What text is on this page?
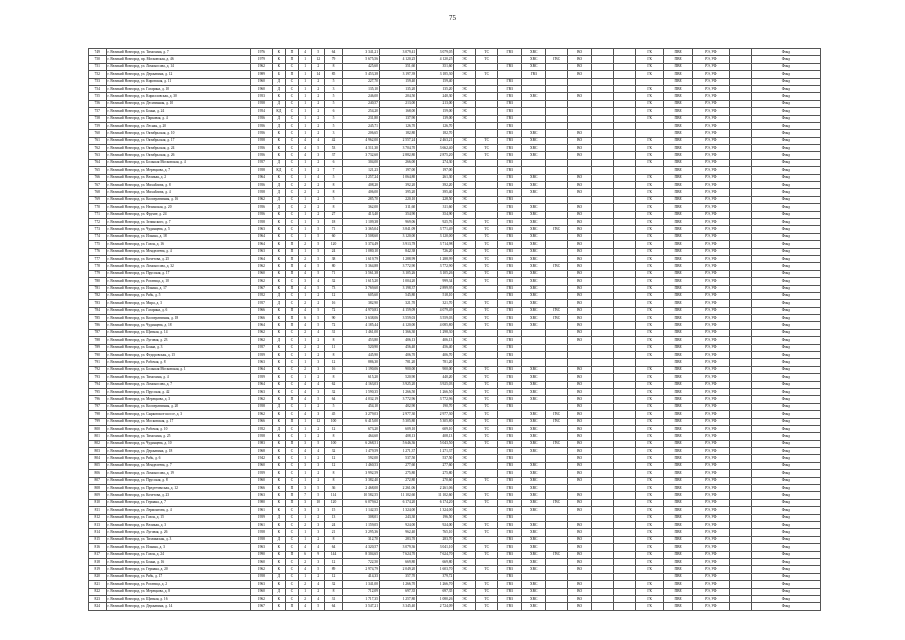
75
749	г. Великий Новгород, ул. Тимохина, д. 7	1976	К	П	4	5	64	3 341,21	3 079,41	3 079,05	ЭС	ТС	ГВЗ	ХВС		ВО			ГК	ПВЕ	РЭ, УФ		Фонд
750	г. Великий Новгород, пр. Московская, д. 46	1979	К	П	1	12	79	5 675,56	4 120,25	4 120,25	ЭС	ТС		ХВС	ГВС	ВО			ГК	ПВЕ	РЭ, УФ		Фонд
751	г. Великий Новгород, ул. Ломоносова, д. 14	1962	К	С	1	2	8	425,60	351,60	351,60	ЭС		ГВЗ	ХВС		ВО			ГК	ПВЕ	РЭ, УФ		Фонд
752	г. Великий Новгород, ул. Державина, д. 12	1989	Б	П	1	14	85	5 453,38	3 197,39	3 185,30	ЭС	ТС		ГВЗ		ВО			ГК	ПВЕ	РЭ, УФ		Фонд
753	г. Великий Новгород, ул. Кировская, д. 11	1960	Д	С	1	2	5	227,70	159,40	159,40			ГВЗ							ПВЕ	РЭ, УФ		Фонд
754	г. Великий Новгород, ул. Гагарина, д. 10	1960	Д	С	1	2	3	135,10	135,20	135,20	ЭС		ГВЗ						ГК	ПВЕ	РЭ, УФ		Фонд
755	г. Великий Новгород, ул. Кирилловская, д. 30	1953	К	С	1	2	5	246,00	204,50	240,30	ЭС		ГВЗ	ХВС		ВО			ГК	ПВЕ	РЭ, УФ		Фонд
756	г. Великий Новгород, ул. Десятинная, д. 10	1958	Д	С	1	2	5	240,57	213,00	213,00	ЭС		ГВЗ						ГК	ПВЕ	РЭ, УФ		Фонд
757	г. Великий Новгород, ул. Бояна, д. 24	1954	КД	С	1	2	6	254,20	168,00	159,00	ЭС		ГВЗ						ГК	ПВЕ	РЭ, УФ		Фонд
758	г. Великий Новгород, ул. Парковая, д. 4	1956	Д	С	1	2	5	231,80	137,90	139,00	ЭС		ГВЗ						ГК	ПВЕ	РЭ, УФ		Фонд
759	г. Великий Новгород, ул. Лесная, д. 20	1956	Д	С	1	2	5	245,71	126,70	126,70			ГВЗ							ПВЕ	РЭ, УФ		Фонд
760	г. Великий Новгород, ул. Октябрьская, д. 10	1956	К	С	1	2	3	206,65	182,80	182,70			ГВЗ	ХВС		ВО				ПВЕ	РЭ, УФ		Фонд
761	г. Великий Новгород, ул. Октябрьская, д. 17	1958	К	С	4	4	42	4 962,00	2 557,24	2 463,21	ЭС	ТС	ГВЗ	ХВС		ВО			ГК	ПВЕ	РЭ, УФ		Фонд
762	г. Великий Новгород, ул. Октябрьская, д. 24	1956	К	С	4	5	53	4 511,30	3 704,70	3 662,40	ЭС	ТС	ГВЗ	ХВС		ВО			ГК	ПВЕ	РЭ, УФ		Фонд
763	г. Великий Новгород, ул. Октябрьская, д. 26	1956	К	С	4	3	37	3 732,60	2 882,80	2 875,20	ЭС	ТС	ГВЗ	ХВС		ВО			ГК	ПВЕ	РЭ, УФ		Фонд
764	г. Великий Новгород, ул. Большая Московская, д. 4	1957	Д	С	1	2	6	304,00	266,00	274,30	ЭС		ГВЗ						ГК	ПВЕ	РЭ, УФ		Фонд
765	г. Великий Новгород, ул. Мерецкова, д. 7	1958	КД	С	1	2	7	121,23	197,00	197,00			ГВЗ							ПВЕ	РЭ, УФ		Фонд
766	г. Великий Новгород, ул. Великая, д. 2	1964	К	С	1	4	5	1 257,24	1 064,80	261,30	ЭС		ГВЗ	ХВС		ВО			ГК	ПВЕ	РЭ, УФ		Фонд
767	г. Великий Новгород, ул. Михайлова, д. 8	1956	Д	С	2	2	8	408,20	392,20	392,20	ЭС		ГВЗ	ХВС		ВО			ГК	ПВЕ	РЭ, УФ		Фонд
768	г. Великий Новгород, ул. Михайлова, д. 4	1958	Д	С	2	2	8	406,00	395,20	395,40	ЭС		ГВЗ	ХВС		ВО			ГК	ПВЕ	РЭ, УФ		Фонд
769	г. Великий Новгород, ул. Кооперативная, д. 16	1962	Д	С	1	2	5	285,70	220,10	228,50	ЭС		ГВЗ						ГК	ПВЕ	РЭ, УФ		Фонд
770	г. Великий Новгород, ул. Нехинская, д. 20	1956	Д	С	2	2	8	362,00	311,60	311,60	ЭС		ГВЗ	ХВС		ВО			ГК	ПВЕ	РЭ, УФ		Фонд
771	г. Великий Новгород, ул. Фрунзе, д. 24	1956	К	С	1	2	27	413,40	354,90	354,90	ЭС		ГВЗ	ХВС		ВО			ГК	ПВЕ	РЭ, УФ		Фонд
772	г. Великий Новгород, ул. Зелинского, д. 7	1958	К	С	1	3	18	1 109,38	969,06	925,76	ЭС	ТС	ГВЗ	ХВС		ВО			ГК	ПВЕ	РЭ, УФ		Фонд
773	г. Великий Новгород, ул. Чудинцева, д. 5	1963	К	С	1	5	71	3 365,04	3 841,09	3 771,49	ЭС	ТС	ГВЗ	ХВС	ГВС	ВО			ГК	ПВЕ	РЭ, УФ		Фонд
774	г. Великий Новгород, ул. Ильина, д. 18	1964	К	С	1	5	60	3 508,60	3 120,00	3 120,00	ЭС	ТС	ГВЗ	ХВС		ВО			ГК	ПВЕ	РЭ, УФ		Фонд
775	г. Великий Новгород, ул. Газон, д. 16	1964	К	П	2	5	120	5 374,49	3 913,78	3 714,98	ЭС	ТС	ГВЗ	ХВС		ВО			ГК	ПВЕ	РЭ, УФ		Фонд
776	г. Великий Новгород, ул. Менделеева, д. 4	1963	К	П	1	5	24	1 080,10	842,38	726,20	ЭС	ТС	ГВЗ	ХВС		ВО			ГК	ПВЕ	РЭ, УФ		Фонд
777	г. Великий Новгород, ул. Кочетова, д. 25	1964	К	П	2	5	38	1 619,79	1 288,99	1 288,99	ЭС	ТС	ГВЗ	ХВС		ВО			ГК	ПВЕ	РЭ, УФ		Фонд
778	г. Великий Новгород, ул. Ломоносова, д. 32	1962	К	П	4	5	80	5 364,88	3 772,90	3 772,90	ЭС	ТС	ГВЗ	ХВС	ГВС	ВО			ГК	ПВЕ	РЭ, УФ		Фонд
779	г. Великий Новгород, ул. Прусская, д. 17	1960	К	П	4	5	71	3 561,38	3 105,26	3 105,26	ЭС	ТС	ГВЗ	ХВС		ВО			ГК	ПВЕ	РЭ, УФ		Фонд
780	г. Великий Новгород, ул. Рогатица, д. 10	1962	К	С	3	4	32	1 615,20	1 004,20	999,34	ЭС	ТС	ГВЗ	ХВС		ВО			ГК	ПВЕ	РЭ, УФ		Фонд
781	г. Великий Новгород, ул. Ильина, д. 17	1967	К	П	4	5	73	3 769,60	3 198,37	2 899,95	ЭС		ГВЗ	ХВС		ВО			ГК	ПВЕ	РЭ, УФ		Фонд
782	г. Великий Новгород, ул. Рябь, д. 5	1952	Д	С	1	2	12	605,60	545,80	518,10	ЭС		ГВЗ	ХВС		ВО			ГК	ПВЕ	РЭ, УФ		Фонд
783	г. Великий Новгород, ул. Мира, д. 3	1957	Д	С	2	2	16	382,90	321,70	321,70	ЭС	ТС	ГВЗ	ХВС		ВО			ГК	ПВЕ	РЭ, УФ		Фонд
784	г. Великий Новгород, ул. Гагарина, д. 6	1966	К	П	4	5	72	4 970,83	4 159,09	4 079,49	ЭС	ТС	ГВЗ	ХВС	ГВС	ВО			ГК	ПВЕ	РЭ, УФ		Фонд
785	г. Великий Новгород, ул. Кооперативная, д. 18	1966	К	П	6	5	90	3 638,06	3 559,03	3 559,03	ЭС	ТС	ГВЗ	ХВС	ГВС	ВО			ГК	ПВЕ	РЭ, УФ		Фонд
786	г. Великий Новгород, ул. Чудинцева, д. 18	1964	К	П	4	5	72	4 185,44	4 120,00	4 085,80	ЭС	ТС	ГВЗ	ХВС		ВО			ГК	ПВЕ	РЭ, УФ		Фонд
787	г. Великий Новгород, ул. Щитная, д. 14	1962	К	С	2	4	31	1 461,00	1 366,30	1 298,30	ЭС		ГВЗ			ВО			ГК	ПВЕ	РЭ, УФ		Фонд
788	г. Великий Новгород, ул. Луговая, д. 23	1962	Д	С	1	2	8	453,80	406,13	406,13	ЭС		ГВЗ			ВО			ГК	ПВЕ	РЭ, УФ		Фонд
789	г. Великий Новгород, ул. Бояна, д. 3	1957	К	С	2	2	11	520,90	456,40	456,40	ЭС		ГВЗ						ГК	ПВЕ	РЭ, УФ		Фонд
790	г. Великий Новгород, ул. Федоровская, д. 15	1959	К	С	1	2	8	445,90	406,70	406,70	ЭС		ГВЗ						ГК	ПВЕ	РЭ, УФ		Фонд
791	г. Великий Новгород, ул. Рабочая, д. 8	1963	К	С	1	3	12	886,30	781,20	781,20	ЭС		ГВЗ							ПВЕ	РЭ, УФ		Фонд
792	г. Великий Новгород, ул. Большая Московская, д. 1	1964	К	С	2	3	16	1 190,06	900,00	900,00	ЭС	ТС	ГВЗ	ХВС		ВО			ГК	ПВЕ	РЭ, УФ		Фонд
793	г. Великий Новгород, ул. Тимохина, д. 4	1959	К	С	1	2	8	615,20	520,90	440,20	ЭС	ТС	ГВЗ	ХВС		ВО			ГК	ПВЕ	РЭ, УФ		Фонд
794	г. Великий Новгород, ул. Ломоносова, д. 7	1964	К	С	4	4	62	4 163,03	3 925,20	3 925,03	ЭС	ТС	ГВЗ	ХВС		ВО			ГК	ПВЕ	РЭ, УФ		Фонд
795	г. Великий Новгород, ул. Прусская, д. 42	1963	К	С	4	3	32	1 590,35	1 266,50	1 266,50	ЭС	ТС	ГВЗ	ХВС		ВО			ГК	ПВЕ	РЭ, УФ		Фонд
796	г. Великий Новгород, ул. Мерецкова, д. 3	1962	К	П	4	5	64	4 032,19	3 772,96	3 772,96	ЭС	ТС	ГВЗ	ХВС		ВО			ГК	ПВЕ	РЭ, УФ		Фонд
797	г. Великий Новгород, ул. Кооперативная, д. 20	1958	Д	С	1	2	5	454,10	402,90	190,70	ЭС	ТС	ГВЗ			ВО			ГК	ПВЕ	РЭ, УФ		Фонд
798	г. Великий Новгород, ул. Сырковское шоссе, д. 3	1962	К	С	4	3	45	3 279,03	2 977,30	2 977,30	ЭС	ТС		ХВС	ГВС	ВО			ГК	ПВЕ	РЭ, УФ		Фонд
799	г. Великий Новгород, ул. Московская, д. 17	1966	К	П	1	12	100	6 415,00	5 305,80	5 305,80	ЭС	ТС	ГВЗ	ХВС	ГВС	ВО			ГК	ПВЕ	РЭ, УФ		Фонд
800	г. Великий Новгород, ул. Рабочая, д. 10	1952	Д	С	1	2	12	673,20	609,10	609,10	ЭС	ТС	ГВЗ	ХВС		ВО			ГК	ПВЕ	РЭ, УФ		Фонд
801	г. Великий Новгород, ул. Тимохина, д. 25	1958	К	С	1	2	8	464,60	408,13	408,13	ЭС	ТС	ГВЗ	ХВС		ВО			ГК	ПВЕ	РЭ, УФ		Фонд
802	г. Великий Новгород, ул. Чудинцева, д. 10	1983	К	П	3	5	100	6 268,51	5 646,36	5 043,50	ЭС	ТС	ГВЗ	ХВС	ГВС	ВО			ГК	ПВЕ	РЭ, УФ		Фонд
803	г. Великий Новгород, ул. Державина, д. 18	1968	К	С	4	4	32	1 479,59	1 271,37	1 271,37	ЭС		ГВЗ	ХВС		ВО			ГК	ПВЕ	РЭ, УФ		Фонд
804	г. Великий Новгород, ул. Рябь, д. 6	1942	К	С	1	2	12	592,00	537,50	537,50	ЭС		ГВЗ			ВО			ГК	ПВЕ	РЭ, УФ		Фонд
805	г. Великий Новгород, ул. Менделеева, д. 7	1960	К	С	3	3	12	1 460,53	277,60	277,60	ЭС		ГВЗ	ХВС		ВО			ГК	ПВЕ	РЭ, УФ		Фонд
806	г. Великий Новгород, ул. Ломоносова, д. 19	1959	К	С	1	2	8	3 992,59	275,80	275,80	ЭС		ГВЗ	ХВС		ВО			ГК	ПВЕ	РЭ, УФ		Фонд
807	г. Великий Новгород, ул. Прусская, д. 8	1960	К	С	1	2	8	3 382,40	272,80	270,60	ЭС	ТС	ГВЗ	ХВС		ВО			ГК	ПВЕ	РЭ, УФ		Фонд
808	г. Великий Новгород, ул. Предтеченская, д. 12	1966	К	П	3	5	36	2 468,00	2 261,06	2 261,06	ЭС		ГВЗ	ХВС					ГК	ПВЕ	РЭ, УФ		Фонд
809	г. Великий Новгород, ул. Кочетова, д. 23	1963	К	П	7	5	114	10 582,55	11 102,60	11 102,60	ЭС	ТС	ГВЗ	ХВС		ВО			ГК	ПВЕ	РЭ, УФ		Фонд
810	г. Великий Новгород, ул. Германа, д. 7	1980	К	П	3	10	120	6 079,62	6 174,20	6 174,20	ЭС	ТС	ГВЗ	ХВС	ГВС	ВО			ГК	ПВЕ	РЭ, УФ		Фонд
811	г. Великий Новгород, ул. Лермонтова, д. 4	1961	К	С	3	3	15	1 142,55	1 324,00	1 324,00	ЭС		ГВЗ	ХВС		ВО			ГК	ПВЕ	РЭ, УФ		Фонд
812	г. Великий Новгород, ул. Газон, д. 15	1959	Д	С	1	2	13	308,01	243,30	196,50	ЭС		ГВЗ						ГК	ПВЕ	РЭ, УФ		Фонд
813	г. Великий Новгород, ул. Великая, д. 3	1961	К	С	2	3	24	1 159,05	924,00	924,00	ЭС	ТС	ГВЗ	ХВС		ВО			ГК	ПВЕ	РЭ, УФ		Фонд
814	г. Великий Новгород, ул. Луговая, д. 26	1958	К	С	1	3	21	3 295,36	962,40	765,10	ЭС	ТС	ГВЗ	ХВС		ВО			ГК	ПВЕ	РЭ, УФ		Фонд
815	г. Великий Новгород, ул. Тихвинская, д. 3	1958	Д	С	1	2	8	312,70	283,70	283,70	ЭС		ГВЗ	ХВС		ВО			ГК	ПВЕ	РЭ, УФ		Фонд
816	г. Великий Новгород, ул. Ильина, д. 3	1963	К	С	4	4	64	4 320,57	3 079,36	3 041,10	ЭС	ТС	ГВЗ	ХВС		ВО			ГК	ПВЕ	РЭ, УФ		Фонд
817	г. Великий Новгород, ул. Газон, д. 24	1990	К	П	6	9	144	8 304,65	7 624,70	7 624,70	ЭС	ТС	ГВЗ	ХВС	ГВС	ВО			ГК	ПВЕ	РЭ, УФ		Фонд
818	г. Великий Новгород, ул. Бояна, д. 16	1960	К	С	2	3	12	722,50	669,80	669,80	ЭС		ГВЗ	ХВС		ВО			ГК	ПВЕ	РЭ, УФ		Фонд
819	г. Великий Новгород, ул. Германа, д. 20	1962	К	С	4	5	89	2 974,79	2 049,20	1 603,70	ЭС	ТС	ГВЗ	ХВС		ВО			ГК	ПВЕ	РЭ, УФ		Фонд
820	г. Великий Новгород, ул. Рябь, д. 17	1958	Д	С	1	2	12	414,33	357,70	379,72			ГВЗ							ПВЕ	РЭ, УФ		Фонд
821	г. Великий Новгород, ул. Рогатица, д. 2	1963	К	С	2	4	32	1 341,00	1 266,70	1 266,70	ЭС	ТС	ГВЗ	ХВС		ВО			ГК	ПВЕ	РЭ, УФ		Фонд
822	г. Великий Новгород, ул. Мерецкова, д. 8	1960	Д	С	1	2	8	712,09	697,35	697,35	ЭС	ТС	ГВЗ	ХВС		ВО			ГК	ПВЕ	РЭ, УФ		Фонд
823	г. Великий Новгород, ул. Щитная, д. 16	1962	К	С	2	4	31	1 717,35	1 257,80	1 080,26	ЭС	ТС	ГВЗ	ХВС		ВО			ГК	ПВЕ	РЭ, УФ		Фонд
824	г. Великий Новгород, ул. Державина, д. 14	1967	К	П	4	5	64	3 547,21	3 345,40	2 724,09	ЭС	ТС	ГВЗ	ХВС		ВО			ГК	ПВЕ	РЭ, УФ		Фонд
